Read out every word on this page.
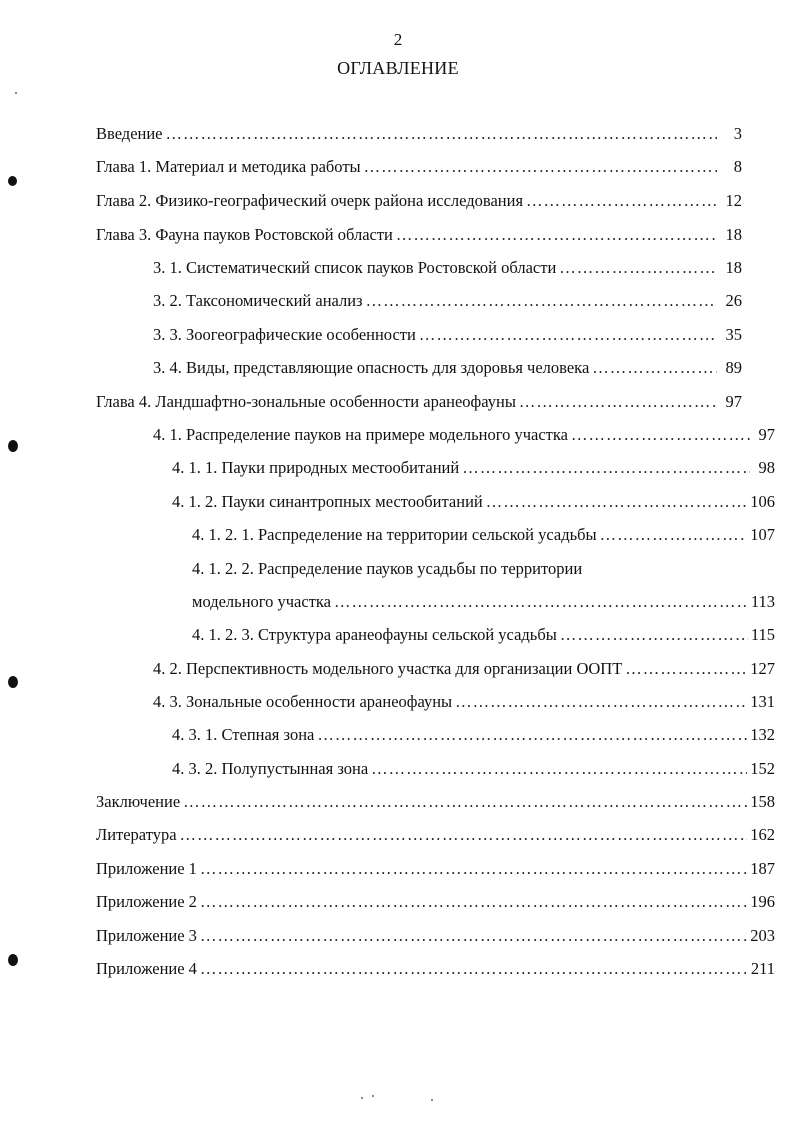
2
ОГЛАВЛЕНИЕ
Введение ………………………………………………………………………………………………………………………………………………………………………………………………	3
Глава 1. Материал и методика работы ………………………………………………………………………………………………………………………………………………………………………………………………	8
Глава 2. Физико-географический очерк района исследования ………………………………………………………………………………………………………………………………………………………………………………………………	12
Глава 3. Фауна пауков Ростовской области ………………………………………………………………………………………………………………………………………………………………………………………………	18
3. 1. Систематический список пауков Ростовской области ………………………………………………………………………………………………………………………………………………………………………………………………	18
3. 2. Таксономический анализ ………………………………………………………………………………………………………………………………………………………………………………………………	26
3. 3. Зоогеографические особенности ………………………………………………………………………………………………………………………………………………………………………………………………	35
3. 4. Виды, представляющие опасность для здоровья человека ………………………………………………………………………………………………………………………………………………………………………………………………	89
Глава 4. Ландшафтно-зональные особенности аранеофауны ………………………………………………………………………………………………………………………………………………………………………………………………	97
4. 1. Распределение пауков на примере модельного участка ………………………………………………………………………………………………………………………………………………………………………………………………	97
4. 1. 1. Пауки природных местообитаний ………………………………………………………………………………………………………………………………………………………………………………………………	98
4. 1. 2. Пауки синантропных местообитаний ………………………………………………………………………………………………………………………………………………………………………………………………	106
4. 1. 2. 1. Распределение на территории сельской усадьбы ………………………………………………………………………………………………………………………………………………………………………………………………	107
4. 1. 2. 2. Распределение пауков усадьбы по территории
модельного участка ………………………………………………………………………………………………………………………………………………………………………………………………	113
4. 1. 2. 3. Структура аранеофауны сельской усадьбы ………………………………………………………………………………………………………………………………………………………………………………………………	115
4. 2. Перспективность модельного участка для организации ООПТ ………………………………………………………………………………………………………………………………………………………………………………………………	127
4. 3. Зональные особенности аранеофауны ………………………………………………………………………………………………………………………………………………………………………………………………	131
4. 3. 1. Степная зона ………………………………………………………………………………………………………………………………………………………………………………………………	132
4. 3. 2. Полупустынная зона ………………………………………………………………………………………………………………………………………………………………………………………………	152
Заключение ………………………………………………………………………………………………………………………………………………………………………………………………	158
Литература ………………………………………………………………………………………………………………………………………………………………………………………………	162
Приложение 1 ………………………………………………………………………………………………………………………………………………………………………………………………	187
Приложение 2 ………………………………………………………………………………………………………………………………………………………………………………………………	196
Приложение 3 ………………………………………………………………………………………………………………………………………………………………………………………………	203
Приложение 4 ………………………………………………………………………………………………………………………………………………………………………………………………	211
